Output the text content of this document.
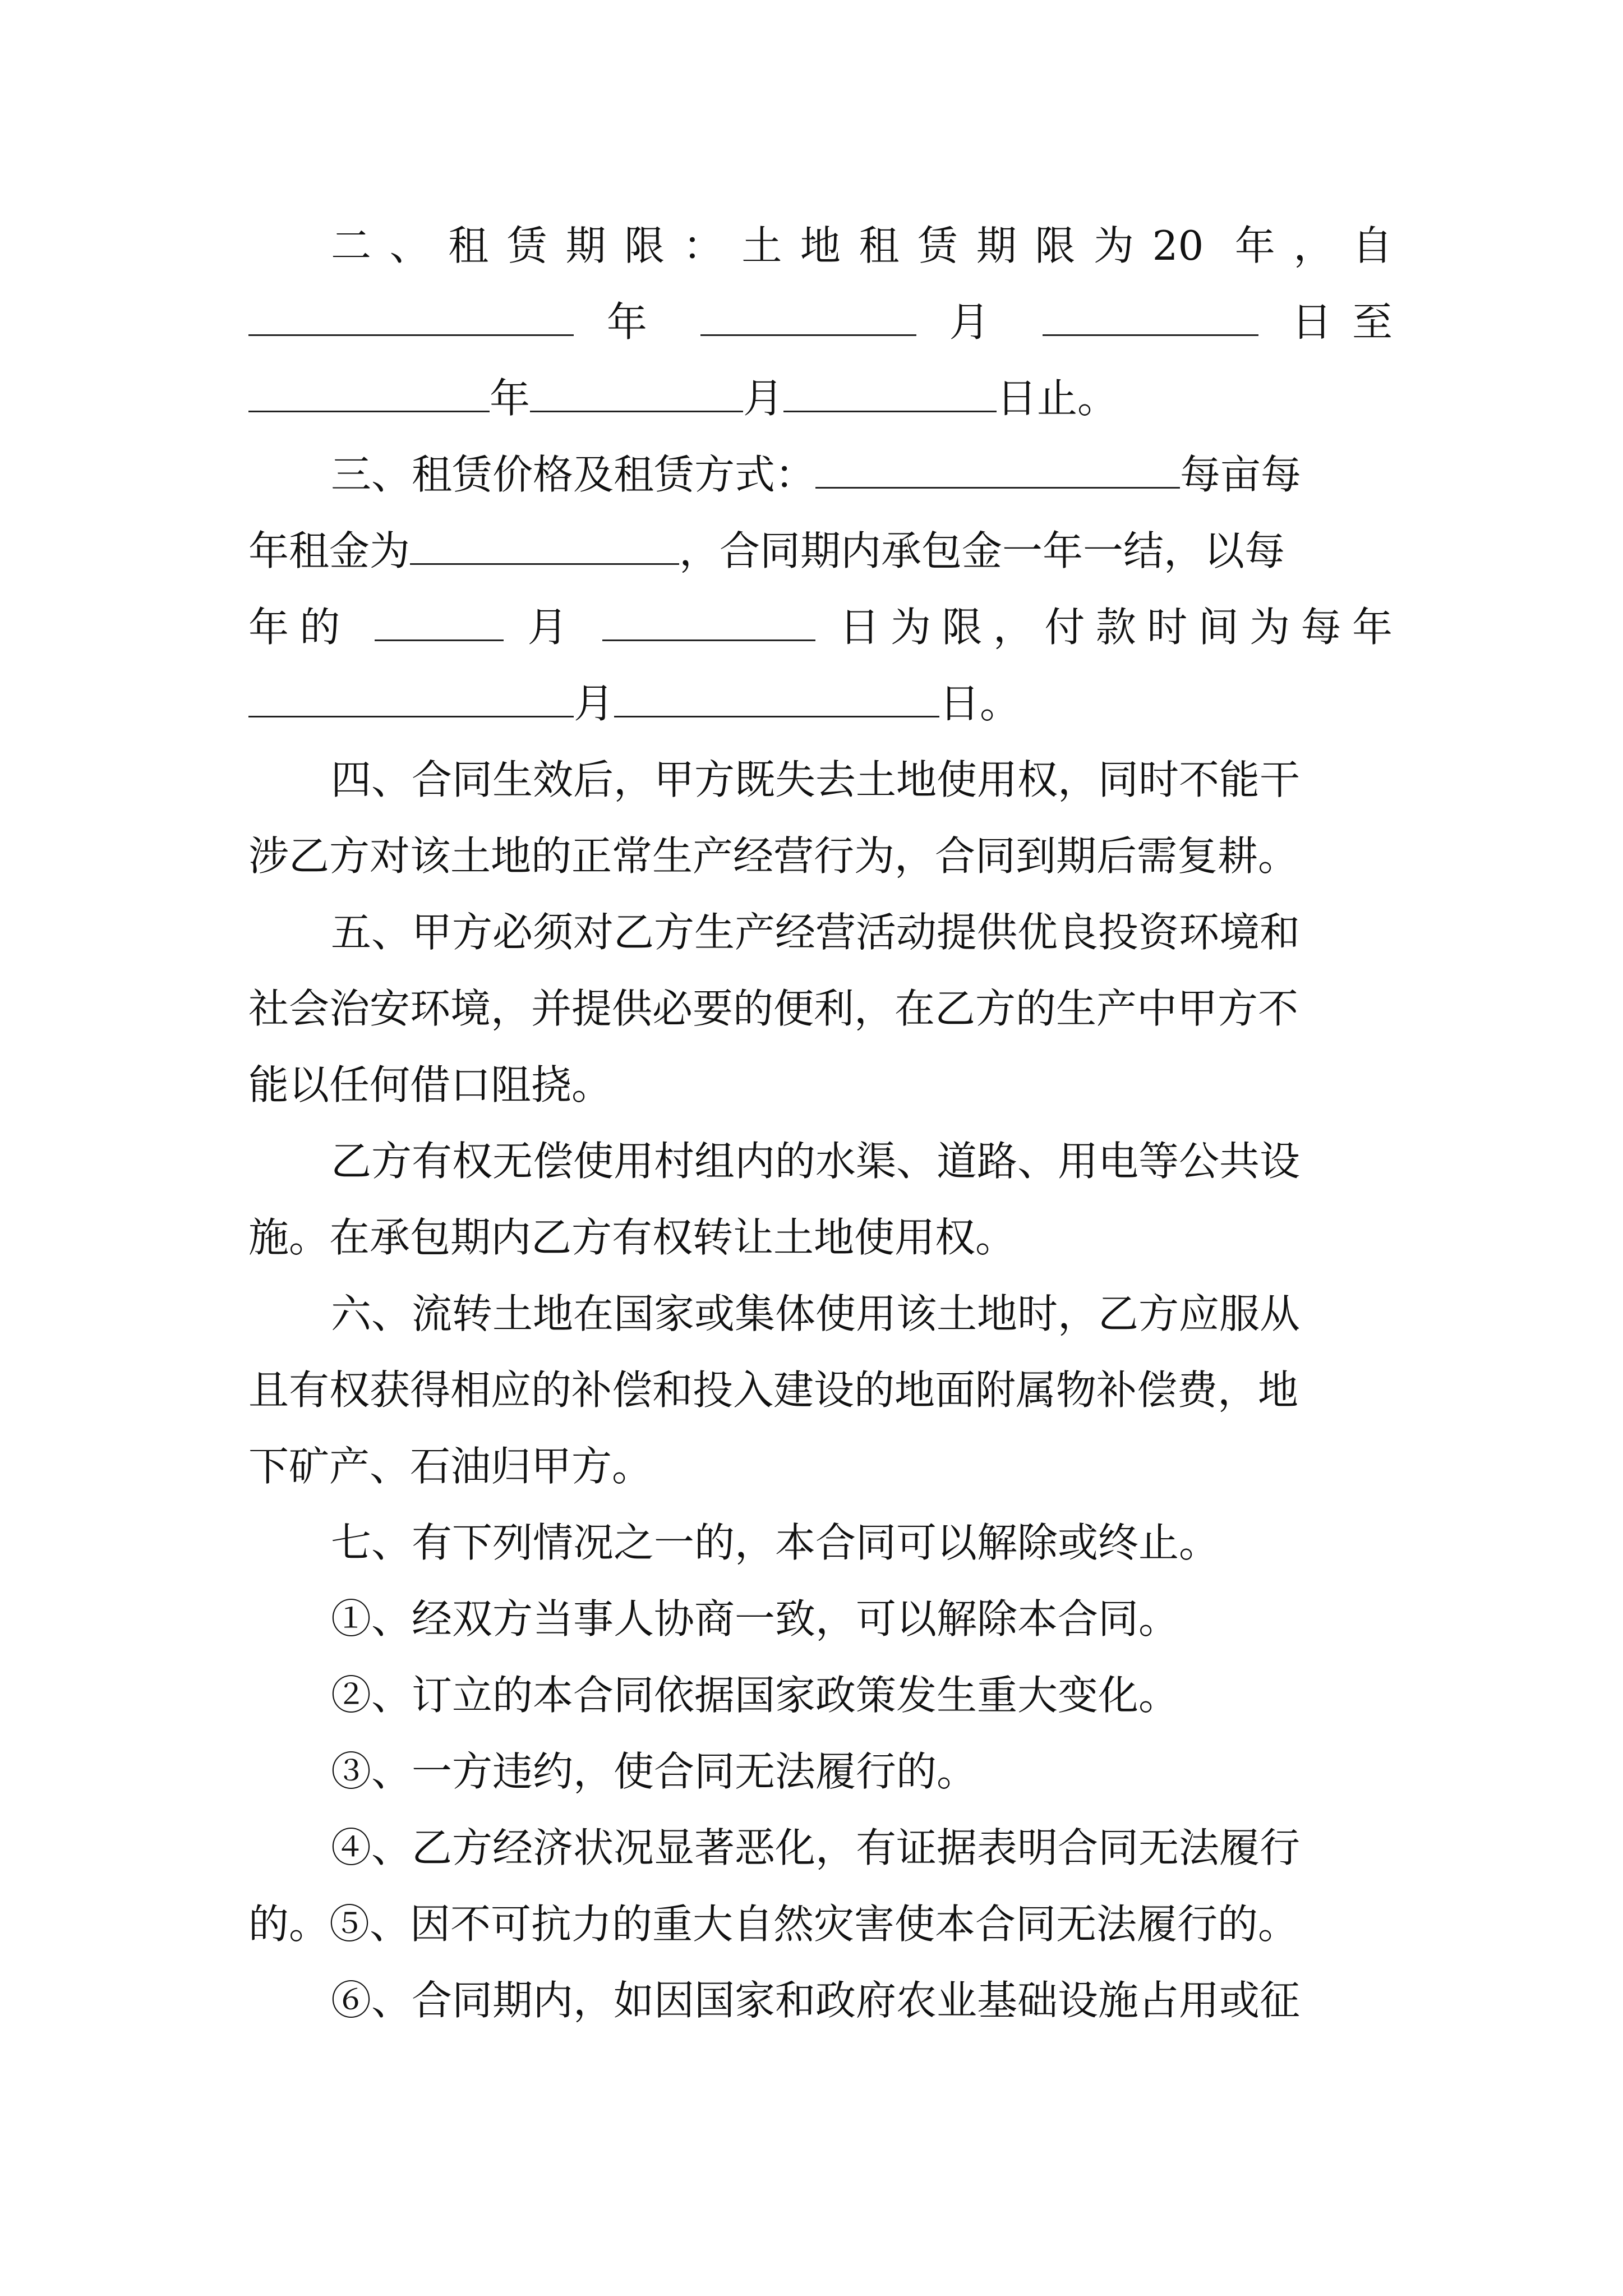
二、租赁期限：土地租赁期限为20 年，自
年	月	日至
年	月	日止。
三、租赁价格及租赁方式：	每亩每
年租金为	，合同期内承包金一年一结，以每
年的	月	日为限，付款时间为每年
月	日。
四、合同生效后，甲方既失去土地使用权，同时不能干
涉乙方对该土地的正常生产经营行为，合同到期后需复耕。
五、甲方必须对乙方生产经营活动提供优良投资环境和
社会治安环境，并提供必要的便利，在乙方的生产中甲方不
能以任何借口阻挠。
乙方有权无偿使用村组内的水渠、道路、用电等公共设
施。在承包期内乙方有权转让土地使用权。
六、流转土地在国家或集体使用该土地时，乙方应服从
且有权获得相应的补偿和投入建设的地面附属物补偿费，地
下矿产、石油归甲方。
七、有下列情况之一的，本合同可以解除或终止。
①、经双方当事人协商一致，可以解除本合同。
②、订立的本合同依据国家政策发生重大变化。
③、一方违约，使合同无法履行的。
④、乙方经济状况显著恶化，有证据表明合同无法履行
的。⑤、因不可抗力的重大自然灾害使本合同无法履行的。
⑥、合同期内，如因国家和政府农业基础设施占用或征
